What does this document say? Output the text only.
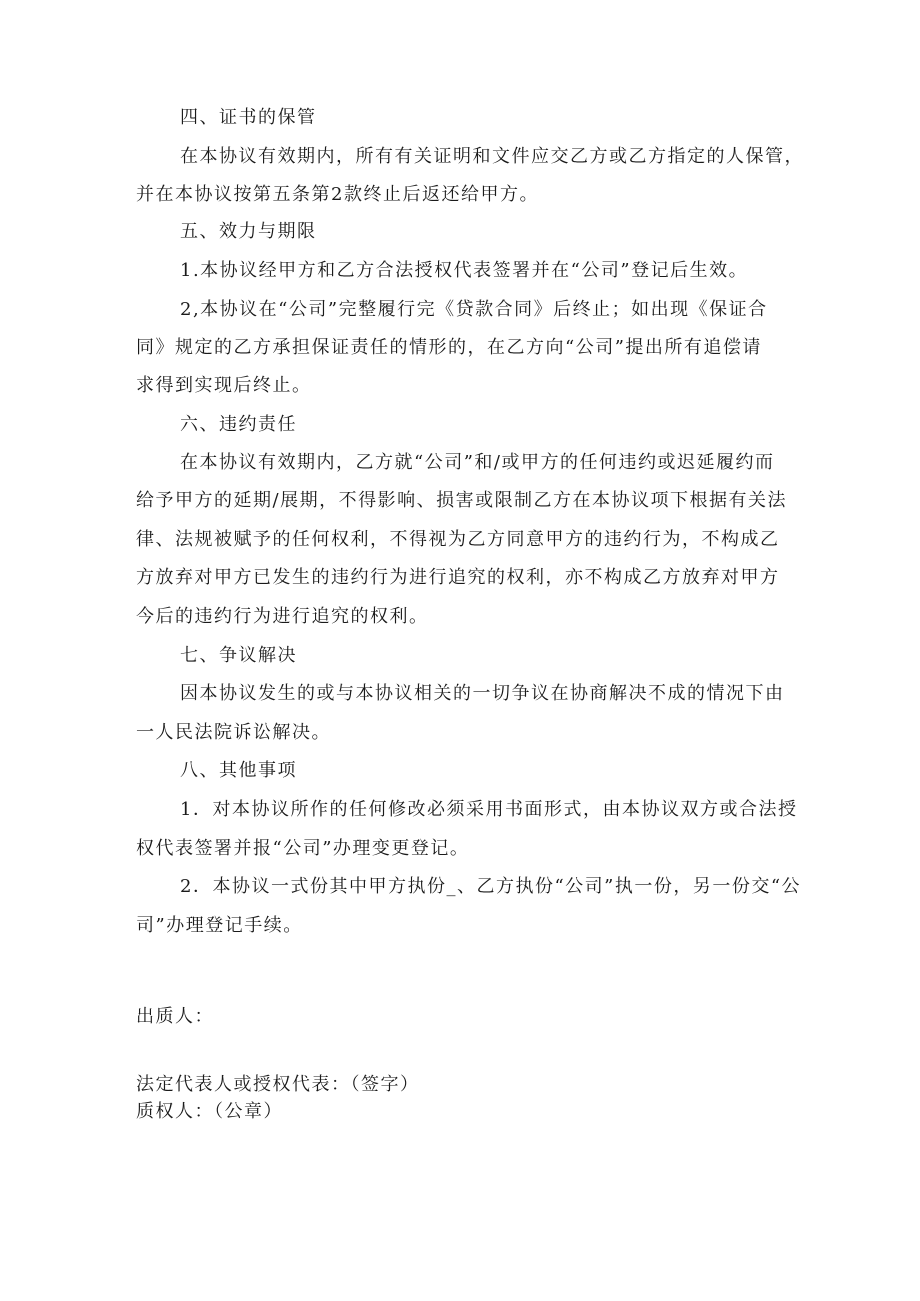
四、证书的保管
在本协议有效期内，所有有关证明和文件应交乙方或乙方指定的人保管，
并在本协议按第五条第2款终止后返还给甲方。
五、效力与期限
1.本协议经甲方和乙方合法授权代表签署并在“公司”登记后生效。
2,本协议在“公司”完整履行完《贷款合同》后终止；如出现《保证合
同》规定的乙方承担保证责任的情形的，在乙方向“公司”提出所有追偿请
求得到实现后终止。
六、违约责任
在本协议有效期内，乙方就“公司”和/或甲方的任何违约或迟延履约而
给予甲方的延期/展期，不得影响、损害或限制乙方在本协议项下根据有关法
律、法规被赋予的任何权利，不得视为乙方同意甲方的违约行为，不构成乙
方放弃对甲方已发生的违约行为进行追究的权利，亦不构成乙方放弃对甲方
今后的违约行为进行追究的权利。
七、争议解决
因本协议发生的或与本协议相关的一切争议在协商解决不成的情况下由
一人民法院诉讼解决。
八、其他事项
1．对本协议所作的任何修改必须采用书面形式，由本协议双方或合法授
权代表签署并报“公司”办理变更登记。
2．本协议一式份其中甲方执份_、乙方执份“公司”执一份，另一份交“公
司”办理登记手续。
出质人：
法定代表人或授权代表：（签字）
质权人：（公章）
